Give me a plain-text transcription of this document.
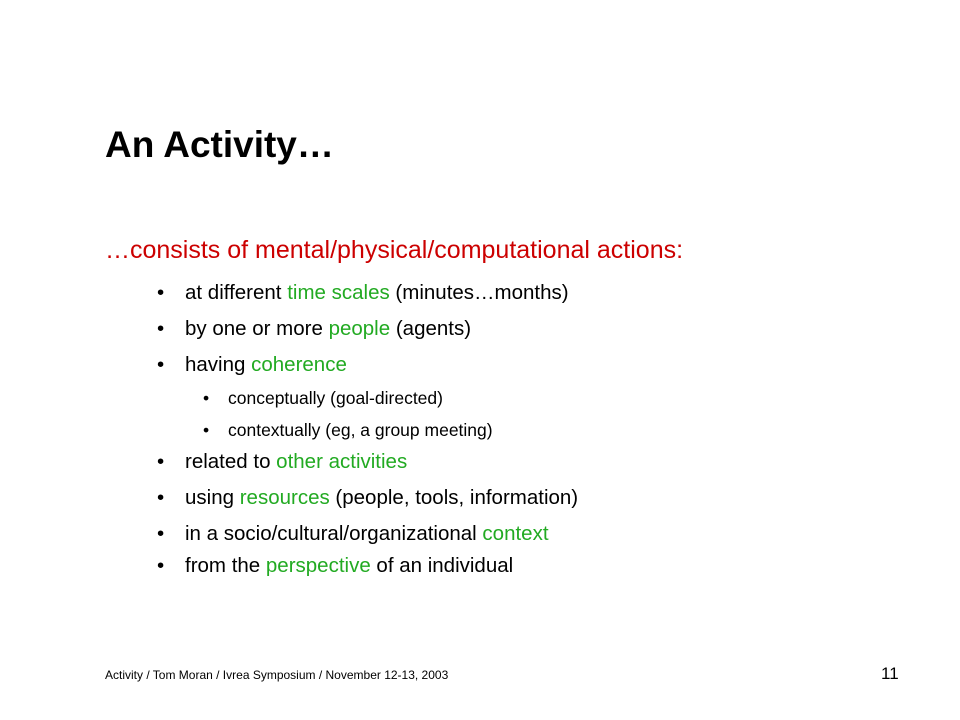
An Activity…
…consists of mental/physical/computational actions:
• at different time scales (minutes…months)
• by one or more people (agents)
• having coherence
• conceptually (goal-directed)
• contextually (eg, a group meeting)
• related to other activities
• using resources (people, tools, information)
• in a socio/cultural/organizational context
• from the perspective of an individual
Activity / Tom Moran / Ivrea Symposium / November 12-13, 2003	11
